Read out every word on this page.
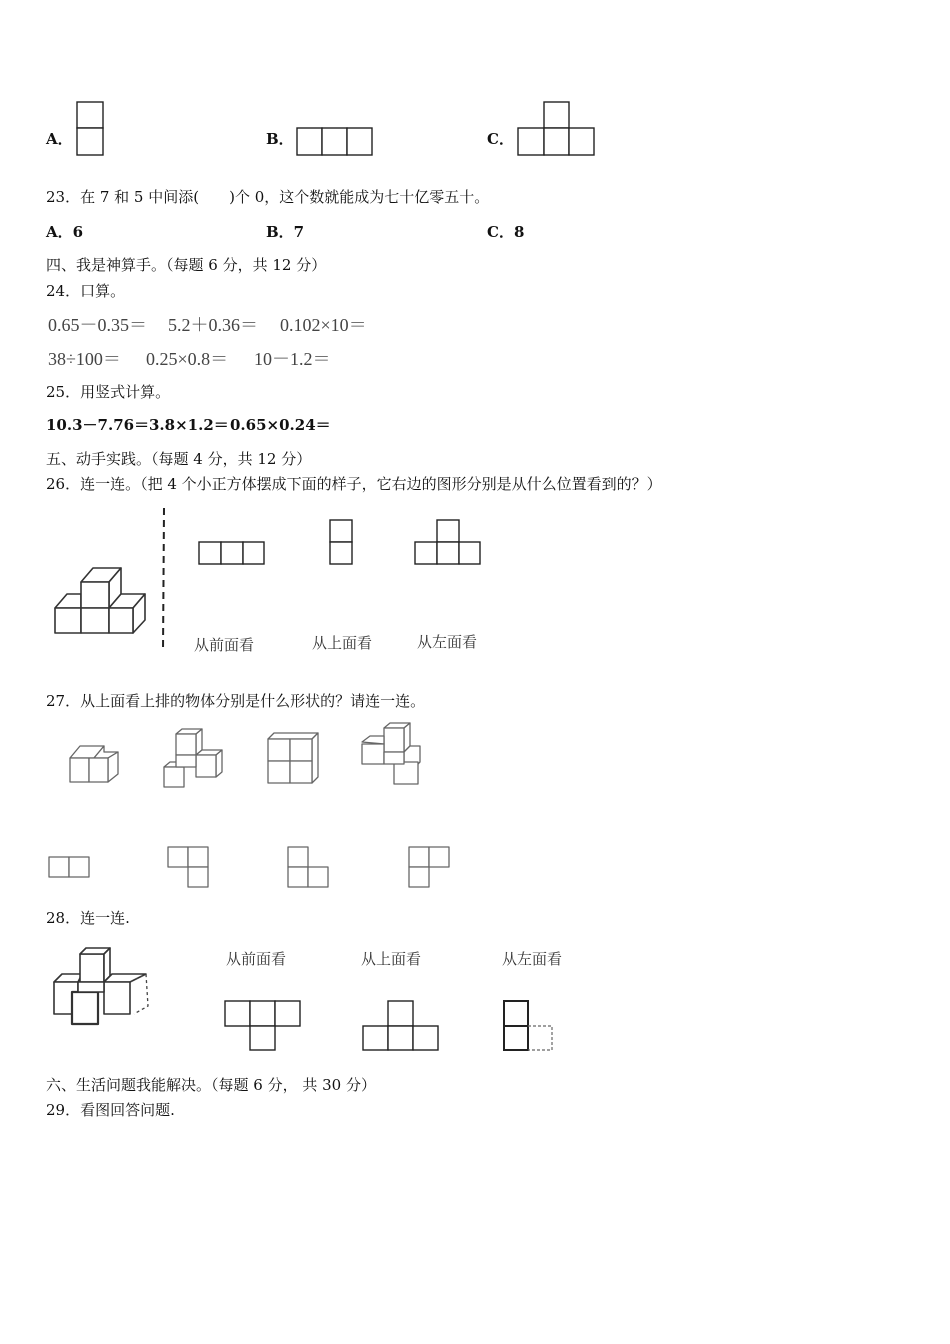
A．	B．	C．
23．在 7 和 5 中间添(　　)个 0，这个数就能成为七十亿零五十。
A．6	B．7	C．8
四、我是神算手。（每题 6 分，共 12 分）
24．口算。
0.65－0.35＝ 5.2＋0.36＝ 0.102×10＝
38÷100＝ 0.25×0.8＝ 10－1.2＝
25．用竖式计算。
10.3－7.76＝ 3.8×1.2＝ 0.65×0.24＝
五、动手实践。（每题 4 分，共 12 分）
26．连一连。（把 4 个小正方体摆成下面的样子，它右边的图形分别是从什么位置看到的？）
从前面看	从上面看	从左面看
27．从上面看上排的物体分别是什么形状的？请连一连。
28．连一连.
从前面看	从上面看	从左面看
六、生活问题我能解决。（每题 6 分， 共 30 分）
29．看图回答问题.
